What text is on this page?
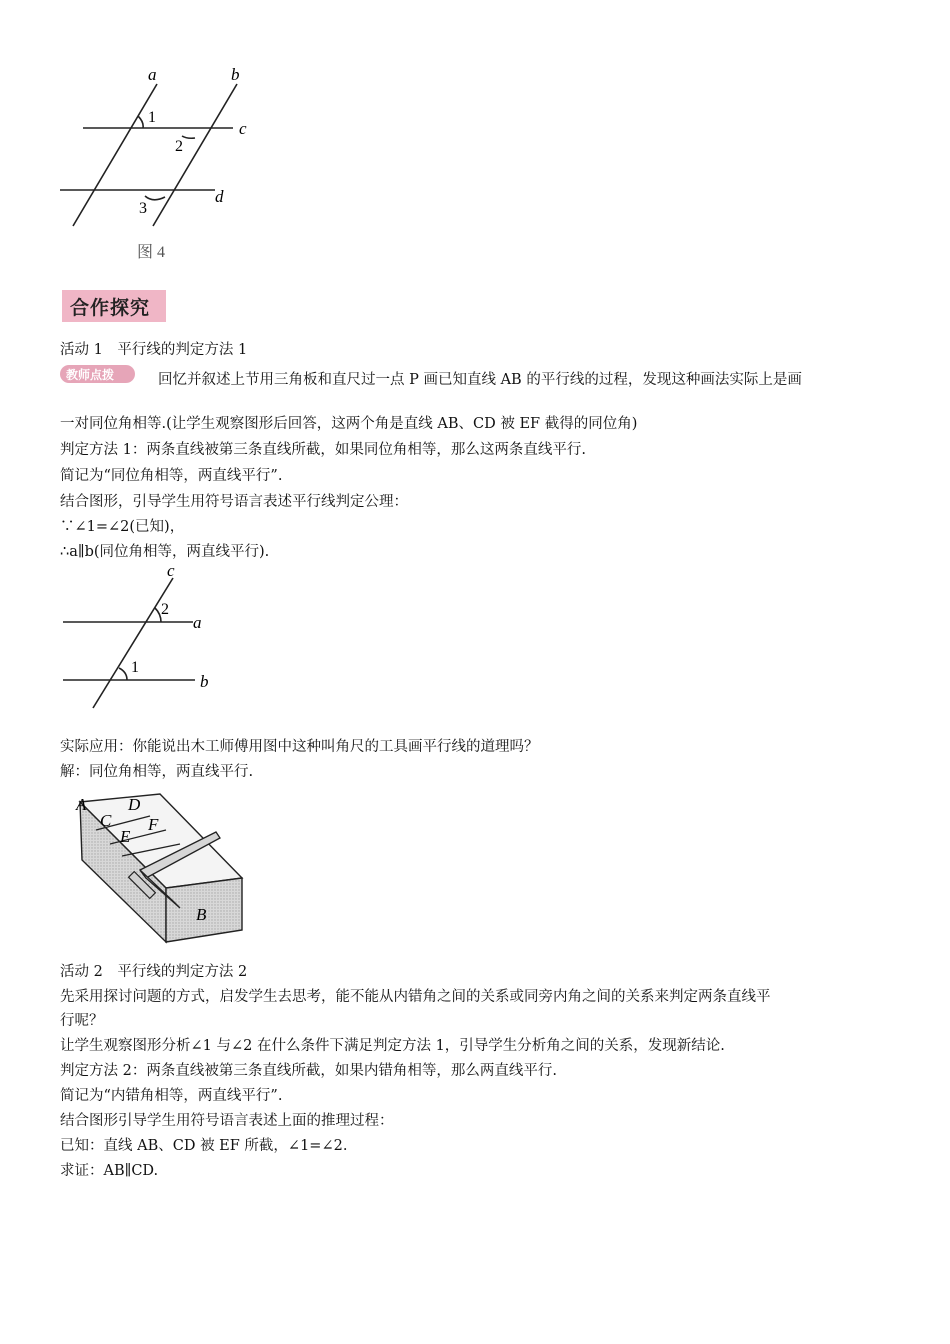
a	b
c
d
1
2
3
图 4
合作探究
活动 1　平行线的判定方法 1
教师点拨	回忆并叙述上节用三角板和直尺过一点 P 画已知直线 AB 的平行线的过程，发现这种画法实际上是画
一对同位角相等.(让学生观察图形后回答，这两个角是直线 AB、CD 被 EF 截得的同位角)
判定方法 1：两条直线被第三条直线所截，如果同位角相等，那么这两条直线平行.
简记为“同位角相等，两直线平行”.
结合图形，引导学生用符号语言表述平行线判定公理：
∵∠1=∠2(已知)，
∴a∥b(同位角相等，两直线平行).
c
a
b
2
1
实际应用：你能说出木工师傅用图中这种叫角尺的工具画平行线的道理吗？
解：同位角相等，两直线平行.
A D
C F
E
B
活动 2　平行线的判定方法 2
先采用探讨问题的方式，启发学生去思考，能不能从内错角之间的关系或同旁内角之间的关系来判定两条直线平
行呢？
让学生观察图形分析∠1 与∠2 在什么条件下满足判定方法 1，引导学生分析角之间的关系，发现新结论.
判定方法 2：两条直线被第三条直线所截，如果内错角相等，那么两直线平行.
简记为“内错角相等，两直线平行”.
结合图形引导学生用符号语言表述上面的推理过程：
已知：直线 AB、CD 被 EF 所截，∠1=∠2.
求证：AB∥CD.
